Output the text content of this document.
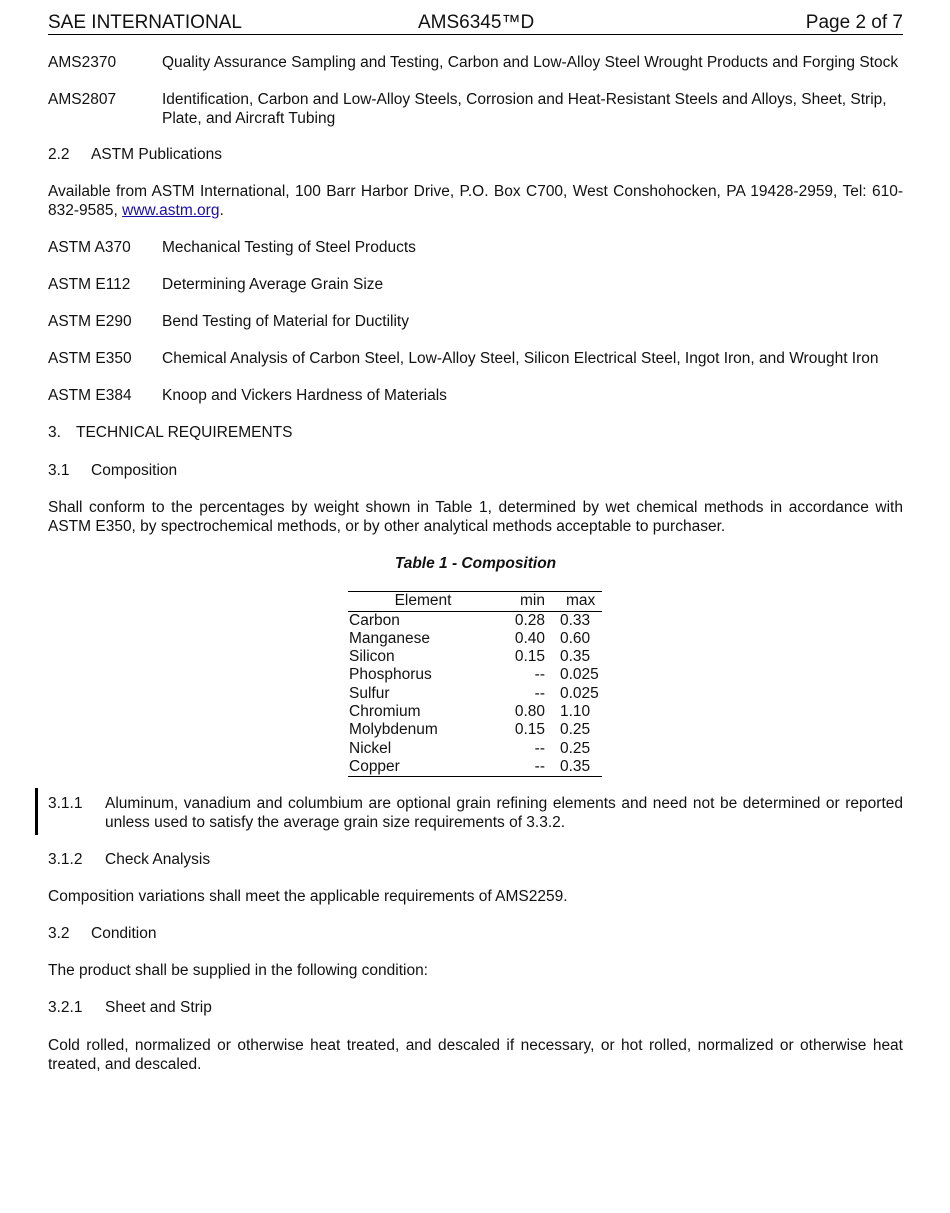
SAE INTERNATIONAL	AMS6345™D	Page 2 of 7
AMS2370	Quality Assurance Sampling and Testing, Carbon and Low-Alloy Steel Wrought Products and Forging Stock
AMS2807	Identification, Carbon and Low-Alloy Steels, Corrosion and Heat-Resistant Steels and Alloys, Sheet, Strip, Plate, and Aircraft Tubing
2.2 ASTM Publications
Available from ASTM International, 100 Barr Harbor Drive, P.O. Box C700, West Conshohocken, PA 19428-2959, Tel: 610-832-9585, www.astm.org.
ASTM A370 Mechanical Testing of Steel Products
ASTM E112 Determining Average Grain Size
ASTM E290 Bend Testing of Material for Ductility
ASTM E350 Chemical Analysis of Carbon Steel, Low-Alloy Steel, Silicon Electrical Steel, Ingot Iron, and Wrought Iron
ASTM E384 Knoop and Vickers Hardness of Materials
3. TECHNICAL REQUIREMENTS
3.1 Composition
Shall conform to the percentages by weight shown in Table 1, determined by wet chemical methods in accordance with ASTM E350, by spectrochemical methods, or by other analytical methods acceptable to purchaser.
Table 1 - Composition
Element	min max
Carbon	0.28 0.33
Manganese	0.40 0.60
Silicon	0.15 0.35
Phosphorus	-- 0.025
Sulfur	-- 0.025
Chromium	0.80 1.10
Molybdenum	0.15 0.25
Nickel	-- 0.25
Copper	-- 0.35
3.1.1 Aluminum, vanadium and columbium are optional grain refining elements and need not be determined or reported unless used to satisfy the average grain size requirements of 3.3.2.
3.1.2 Check Analysis
Composition variations shall meet the applicable requirements of AMS2259.
3.2 Condition
The product shall be supplied in the following condition:
3.2.1 Sheet and Strip
Cold rolled, normalized or otherwise heat treated, and descaled if necessary, or hot rolled, normalized or otherwise heat treated, and descaled.
